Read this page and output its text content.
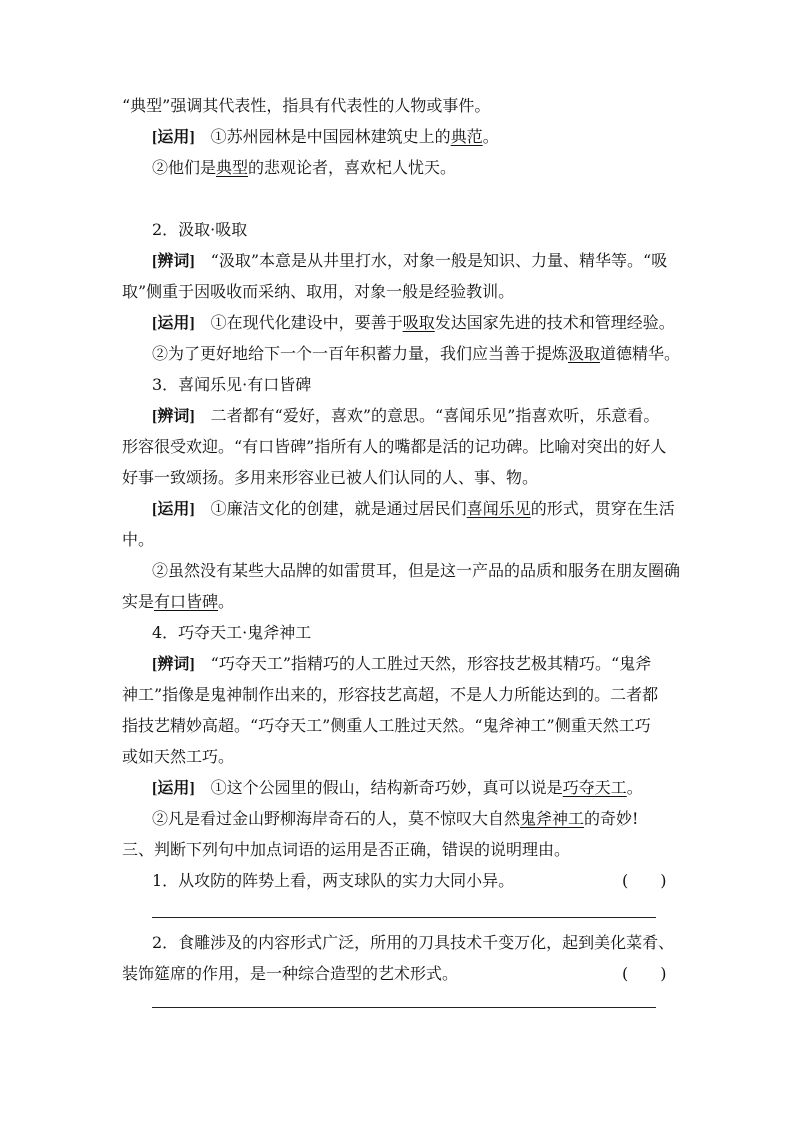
“典型”强调其代表性，指具有代表性的人物或事件。
[运用] ①苏州园林是中国园林建筑史上的典范。
②他们是典型的悲观论者，喜欢杞人忧天。
2．汲取·吸取
[辨词] “汲取”本意是从井里打水，对象一般是知识、力量、精华等。“吸
取”侧重于因吸收而采纳、取用，对象一般是经验教训。
[运用] ①在现代化建设中，要善于吸取发达国家先进的技术和管理经验。
②为了更好地给下一个一百年积蓄力量，我们应当善于提炼汲取道德精华。
3．喜闻乐见·有口皆碑
[辨词] 二者都有“爱好，喜欢”的意思。“喜闻乐见”指喜欢听，乐意看。
形容很受欢迎。“有口皆碑”指所有人的嘴都是活的记功碑。比喻对突出的好人
好事一致颂扬。多用来形容业已被人们认同的人、事、物。
[运用] ①廉洁文化的创建，就是通过居民们喜闻乐见的形式，贯穿在生活
中。
②虽然没有某些大品牌的如雷贯耳，但是这一产品的品质和服务在朋友圈确
实是有口皆碑。
4．巧夺天工·鬼斧神工
[辨词] “巧夺天工”指精巧的人工胜过天然，形容技艺极其精巧。“鬼斧
神工”指像是鬼神制作出来的，形容技艺高超，不是人力所能达到的。二者都
指技艺精妙高超。“巧夺天工”侧重人工胜过天然。“鬼斧神工”侧重天然工巧
或如天然工巧。
[运用] ①这个公园里的假山，结构新奇巧妙，真可以说是巧夺天工。
②凡是看过金山野柳海岸奇石的人，莫不惊叹大自然鬼斧神工的奇妙!
三、判断下列句中加点词语的运用是否正确，错误的说明理由。
1．从攻防的阵势上看，两支球队的实力大同小异。	(　　)
2．食雕涉及的内容形式广泛，所用的刀具技术千变万化，起到美化菜肴、
装饰筵席的作用，是一种综合造型的艺术形式。	(　　)
